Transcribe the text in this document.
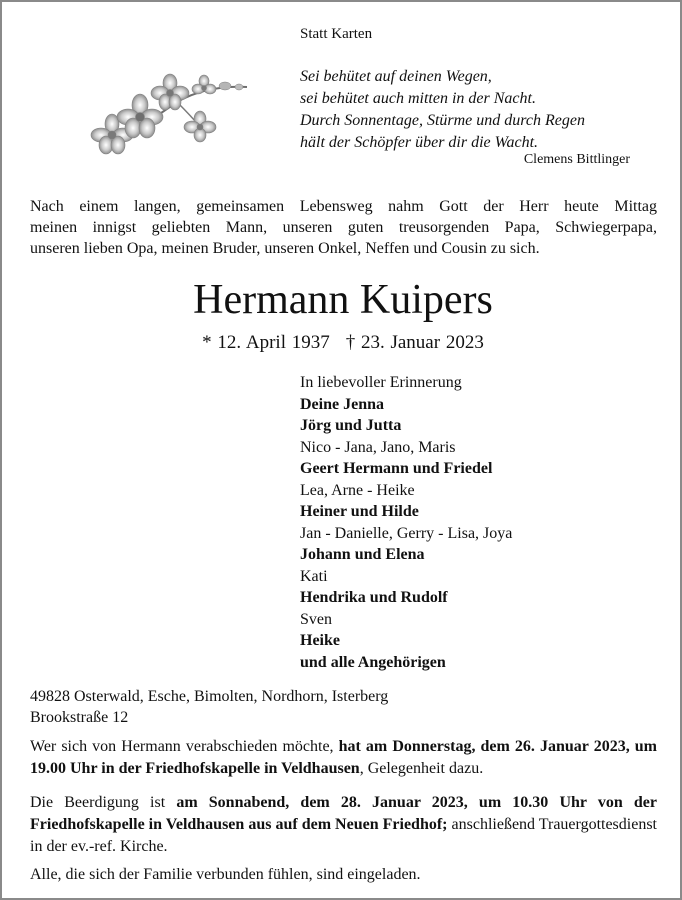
Statt Karten
Sei behütet auf deinen Wegen,
sei behütet auch mitten in der Nacht.
Durch Sonnentage, Stürme und durch Regen
hält der Schöpfer über dir die Wacht.
Clemens Bittlinger
Nach einem langen, gemeinsamen Lebensweg nahm Gott der Herr heute Mittag
meinen innigst geliebten Mann, unseren guten treusorgenden Papa, Schwiegerpapa,
unseren lieben Opa, meinen Bruder, unseren Onkel, Neffen und Cousin zu sich.
Hermann Kuipers
* 12. April 1937 † 23. Januar 2023
In liebevoller Erinnerung
Deine Jenna
Jörg und Jutta
Nico - Jana, Jano, Maris
Geert Hermann und Friedel
Lea, Arne - Heike
Heiner und Hilde
Jan - Danielle, Gerry - Lisa, Joya
Johann und Elena
Kati
Hendrika und Rudolf
Sven
Heike
und alle Angehörigen
49828 Osterwald, Esche, Bimolten, Nordhorn, Isterberg
Brookstraße 12
Wer sich von Hermann verabschieden möchte, hat am Donnerstag, dem 26. Januar 2023, um 19.00 Uhr in der Friedhofskapelle in Veldhausen, Gelegenheit dazu.
Die Beerdigung ist am Sonnabend, dem 28. Januar 2023, um 10.30 Uhr von der Friedhofskapelle in Veldhausen aus auf dem Neuen Friedhof; anschließend Trauergottesdienst in der ev.-ref. Kirche.
Alle, die sich der Familie verbunden fühlen, sind eingeladen.
